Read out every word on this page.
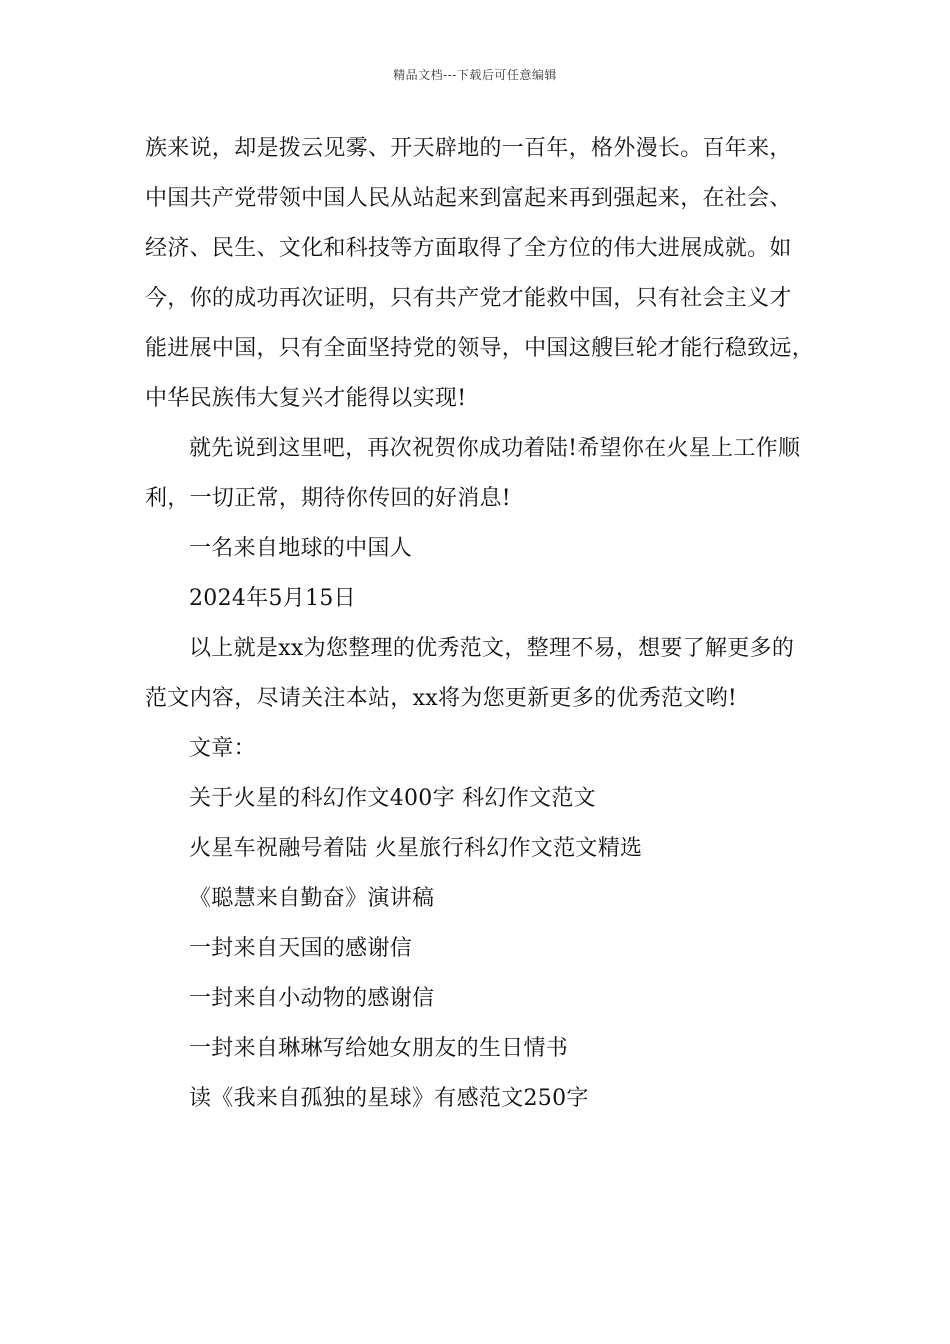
精品文档---下载后可任意编辑
族来说，却是拨云见雾、开天辟地的一百年，格外漫长。百年来，
中国共产党带领中国人民从站起来到富起来再到强起来，在社会、
经济、民生、文化和科技等方面取得了全方位的伟大进展成就。如
今，你的成功再次证明，只有共产党才能救中国，只有社会主义才
能进展中国，只有全面坚持党的领导，中国这艘巨轮才能行稳致远，
中华民族伟大复兴才能得以实现!
就先说到这里吧，再次祝贺你成功着陆!希望你在火星上工作顺
利，一切正常，期待你传回的好消息!
一名来自地球的中国人
2024年5月15日
以上就是xx为您整理的优秀范文，整理不易，想要了解更多的
范文内容，尽请关注本站，xx将为您更新更多的优秀范文哟!
文章：
关于火星的科幻作文400字 科幻作文范文
火星车祝融号着陆 火星旅行科幻作文范文精选
《聪慧来自勤奋》演讲稿
一封来自天国的感谢信
一封来自小动物的感谢信
一封来自琳琳写给她女朋友的生日情书
读《我来自孤独的星球》有感范文250字
